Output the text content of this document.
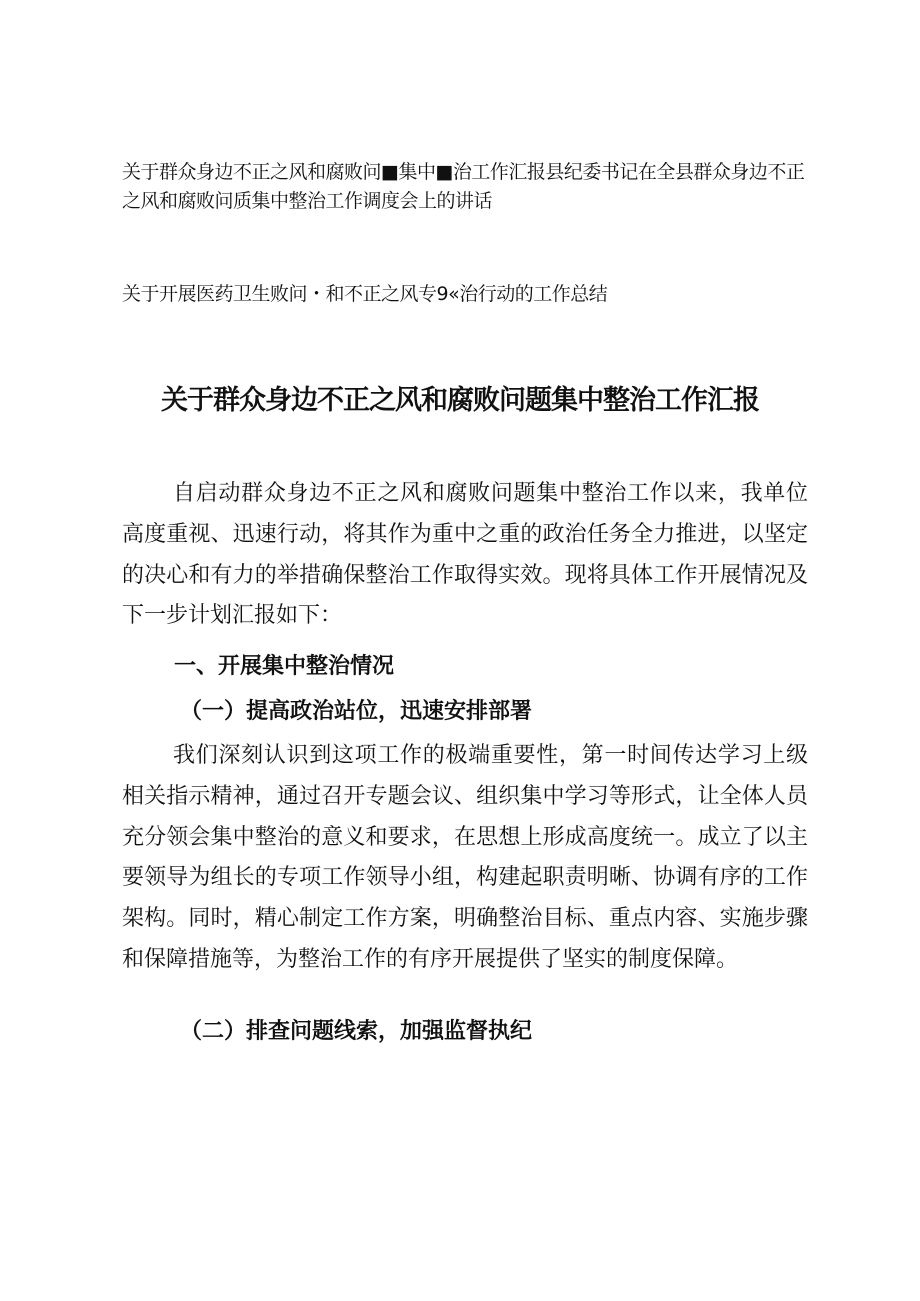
关于群众身边不正之风和腐败问■集中■治工作汇报县纪委书记在全县群众身边不正之风和腐败问质集中整治工作调度会上的讲话

关于开展医药卫生败问・和不正之风专9«治行动的工作总结

关于群众身边不正之风和腐败问题集中整治工作汇报

自启动群众身边不正之风和腐败问题集中整治工作以来，我单位高度重视、迅速行动，将其作为重中之重的政治任务全力推进，以坚定的决心和有力的举措确保整治工作取得实效。现将具体工作开展情况及下一步计划汇报如下：

一、开展集中整治情况
（一）提高政治站位，迅速安排部署

我们深刻认识到这项工作的极端重要性，第一时间传达学习上级相关指示精神，通过召开专题会议、组织集中学习等形式，让全体人员充分领会集中整治的意义和要求，在思想上形成高度统一。成立了以主要领导为组长的专项工作领导小组，构建起职责明晰、协调有序的工作架构。同时，精心制定工作方案，明确整治目标、重点内容、实施步骤和保障措施等，为整治工作的有序开展提供了坚实的制度保障。

（二）排查问题线索，加强监督执纪
